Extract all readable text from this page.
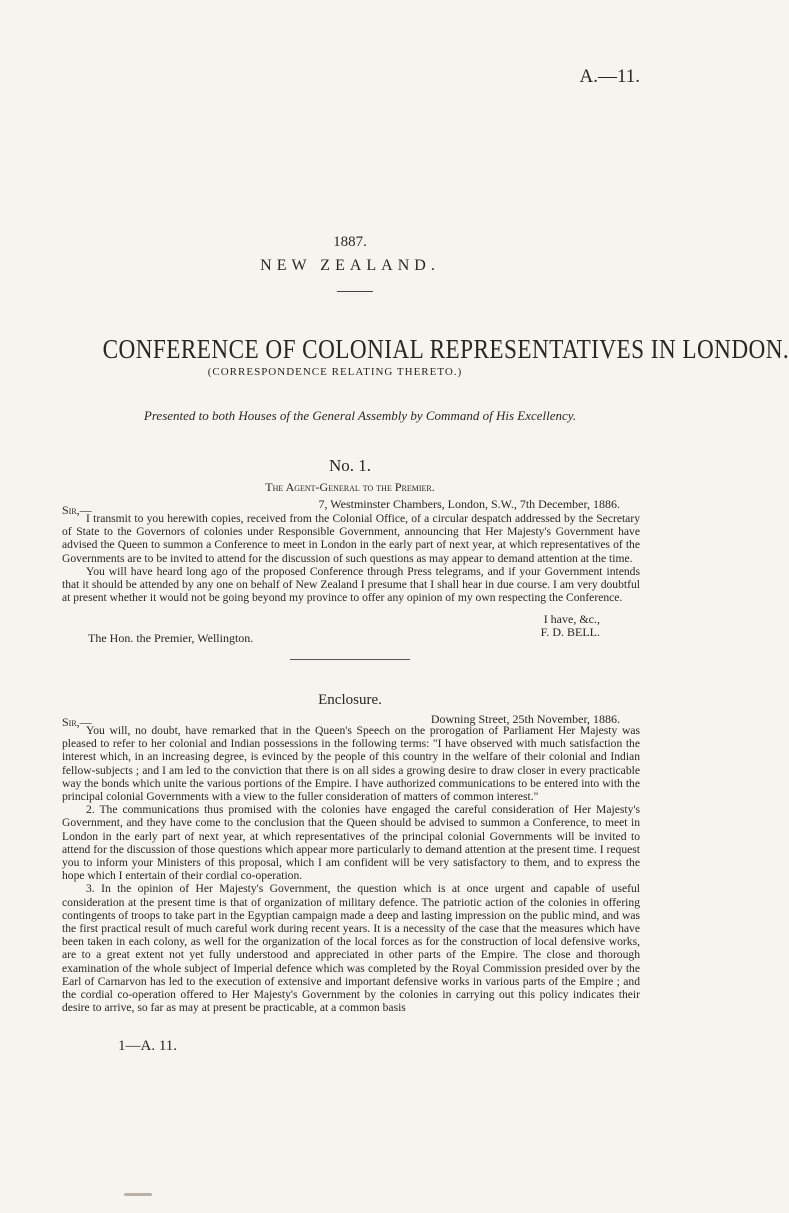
A.—11.
1887.
NEW ZEALAND.
CONFERENCE OF COLONIAL REPRESENTATIVES IN LONDON.
(CORRESPONDENCE RELATING THERETO.)
Presented to both Houses of the General Assembly by Command of His Excellency.
No. 1.
The Agent-General to the Premier.
Sir,—	7, Westminster Chambers, London, S.W., 7th December, 1886.

I transmit to you herewith copies, received from the Colonial Office, of a circular despatch addressed by the Secretary of State to the Governors of colonies under Responsible Government, announcing that Her Majesty's Government have advised the Queen to summon a Conference to meet in London in the early part of next year, at which representatives of the Governments are to be invited to attend for the discussion of such questions as may appear to demand attention at the time.

You will have heard long ago of the proposed Conference through Press telegrams, and if your Government intends that it should be attended by any one on behalf of New Zealand I presume that I shall hear in due course. I am very doubtful at present whether it would not be going beyond my province to offer any opinion of my own respecting the Conference.

I have, &c.,
F. D. BELL.
The Hon. the Premier, Wellington.
Enclosure.
Sir,—	Downing Street, 25th November, 1886.

You will, no doubt, have remarked that in the Queen's Speech on the prorogation of Parliament Her Majesty was pleased to refer to her colonial and Indian possessions in the following terms: "I have observed with much satisfaction the interest which, in an increasing degree, is evinced by the people of this country in the welfare of their colonial and Indian fellow-subjects ; and I am led to the conviction that there is on all sides a growing desire to draw closer in every practicable way the bonds which unite the various portions of the Empire. I have authorized communications to be entered into with the principal colonial Governments with a view to the fuller consideration of matters of common interest."

2. The communications thus promised with the colonies have engaged the careful consideration of Her Majesty's Government, and they have come to the conclusion that the Queen should be advised to summon a Conference, to meet in London in the early part of next year, at which representatives of the principal colonial Governments will be invited to attend for the discussion of those questions which appear more particularly to demand attention at the present time. I request you to inform your Ministers of this proposal, which I am confident will be very satisfactory to them, and to express the hope which I entertain of their cordial co-operation.

3. In the opinion of Her Majesty's Government, the question which is at once urgent and capable of useful consideration at the present time is that of organization of military defence. The patriotic action of the colonies in offering contingents of troops to take part in the Egyptian campaign made a deep and lasting impression on the public mind, and was the first practical result of much careful work during recent years. It is a necessity of the case that the measures which have been taken in each colony, as well for the organization of the local forces as for the construction of local defensive works, are to a great extent not yet fully understood and appreciated in other parts of the Empire. The close and thorough examination of the whole subject of Imperial defence which was completed by the Royal Commission presided over by the Earl of Carnarvon has led to the execution of extensive and important defensive works in various parts of the Empire ; and the cordial co-operation offered to Her Majesty's Government by the colonies in carrying out this policy indicates their desire to arrive, so far as may at present be practicable, at a common basis

1—A. 11.
